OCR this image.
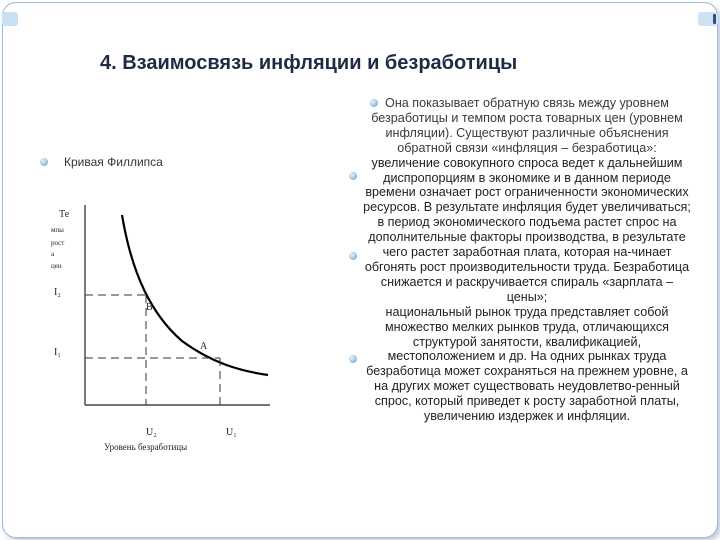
4. Взаимосвязь инфляции и безработицы
Кривая Филлипса

Она показывает обратную связь между уровнем безработицы и темпом роста товарных цен (уровнем инфляции). Существуют различные объяснения обратной связи «инфляция – безработица»:

увеличение совокупного спроса ведет к дальнейшим диспропорциям в экономике и в данном периоде времени означает рост ограниченности экономических ресурсов. В результате инфляция будет увеличиваться;

в период экономического подъема растет спрос на дополнительные факторы производства, в результате чего растет заработная плата, которая на-чинает обгонять рост производительности труда. Безработица снижается и раскручивается спираль «зарплата – цены»;

национальный рынок труда представляет собой множество мелких рынков труда, отличающихся структурой занятости, квалификацией, местоположением и др. На одних рынках труда безработица может сохраняться на прежнем уровне, а на других может существовать неудовлетво-ренный спрос, который приведет к росту заработной платы, увеличению издержек и инфляции.

Те
мпы
рост
а
цен
I₂
I₁
B
A
U₂	U₁
Уровень безработицы
